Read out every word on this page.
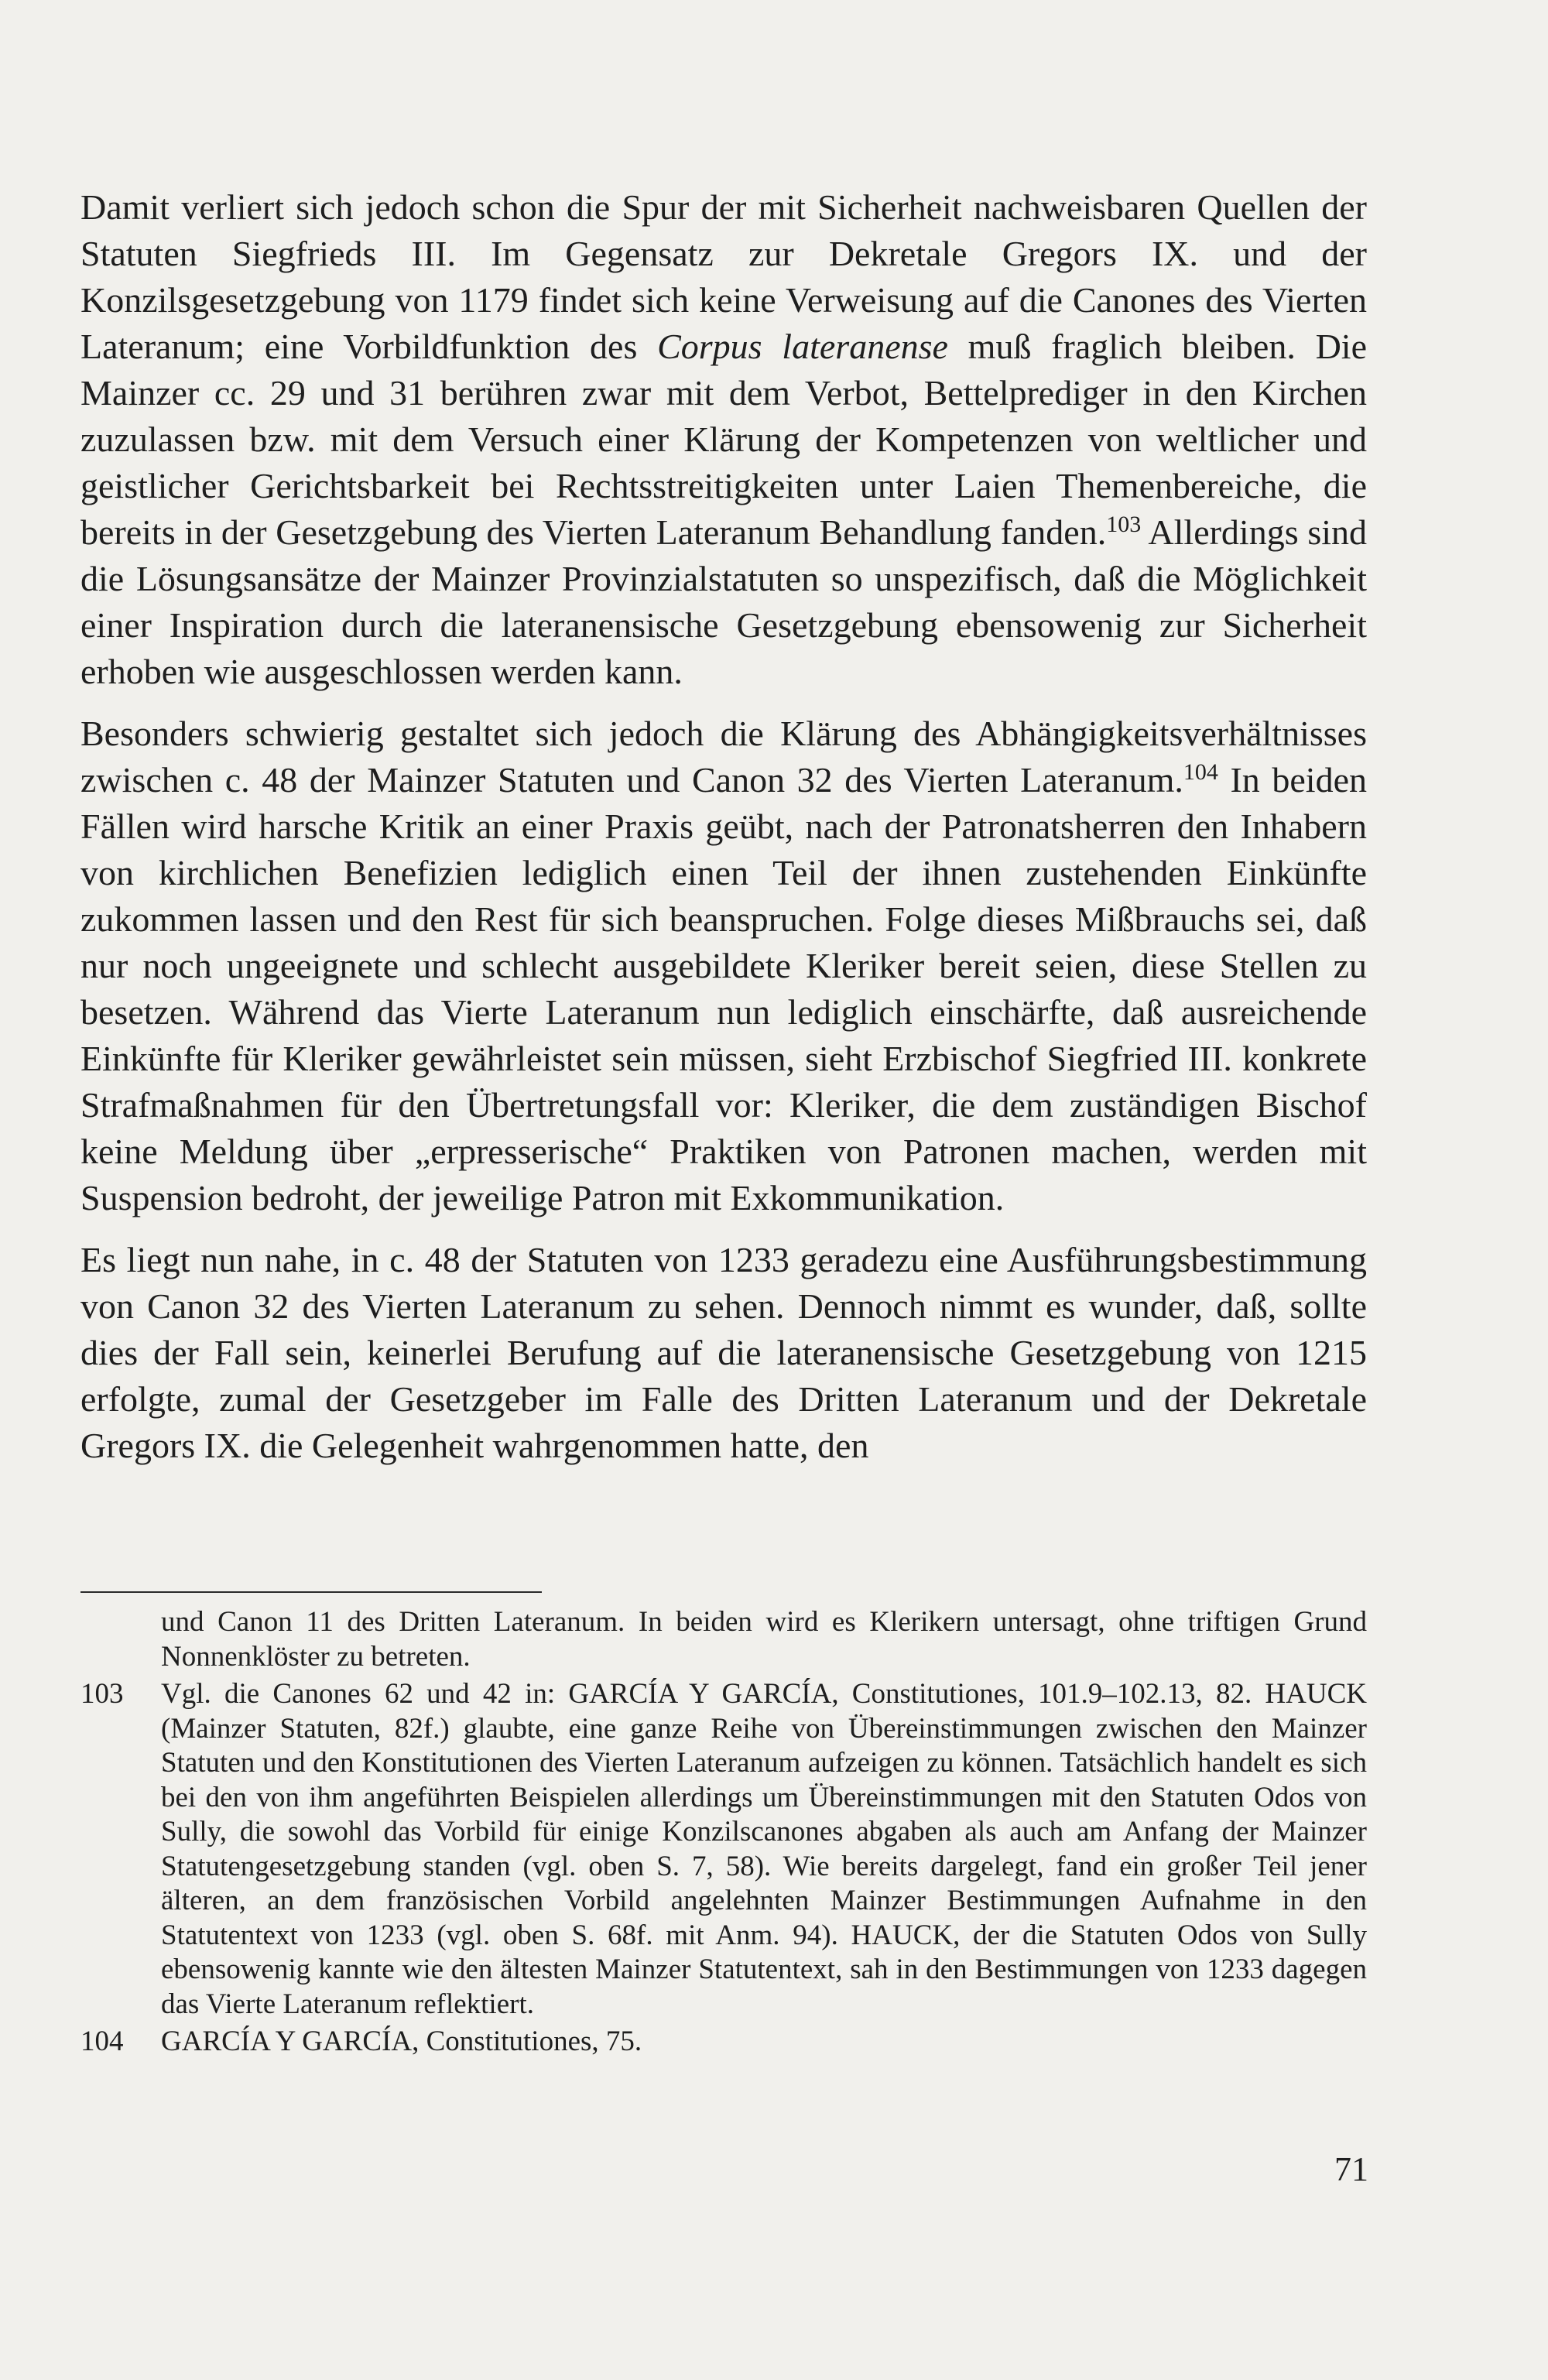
Damit verliert sich jedoch schon die Spur der mit Sicherheit nachweisbaren Quellen der Statuten Siegfrieds III. Im Gegensatz zur Dekretale Gregors IX. und der Konzilsgesetzgebung von 1179 findet sich keine Verweisung auf die Canones des Vierten Lateranum; eine Vorbildfunktion des Corpus lateranense muß fraglich bleiben. Die Mainzer cc. 29 und 31 berühren zwar mit dem Verbot, Bettelprediger in den Kirchen zuzulassen bzw. mit dem Versuch einer Klärung der Kompetenzen von weltlicher und geistlicher Gerichtsbarkeit bei Rechtsstreitigkeiten unter Laien Themenbereiche, die bereits in der Gesetzgebung des Vierten Lateranum Behandlung fanden.$^{103}$ Allerdings sind die Lösungsansätze der Mainzer Provinzialstatuten so unspezifisch, daß die Möglichkeit einer Inspiration durch die lateranensische Gesetzgebung ebensowenig zur Sicherheit erhoben wie ausgeschlossen werden kann.

Besonders schwierig gestaltet sich jedoch die Klärung des Abhängigkeitsverhältnisses zwischen c. 48 der Mainzer Statuten und Canon 32 des Vierten Lateranum.$^{104}$ In beiden Fällen wird harsche Kritik an einer Praxis geübt, nach der Patronatsherren den Inhabern von kirchlichen Benefizien lediglich einen Teil der ihnen zustehenden Einkünfte zukommen lassen und den Rest für sich beanspruchen. Folge dieses Mißbrauchs sei, daß nur noch ungeeignete und schlecht ausgebildete Kleriker bereit seien, diese Stellen zu besetzen. Während das Vierte Lateranum nun lediglich einschärfte, daß ausreichende Einkünfte für Kleriker gewährleistet sein müssen, sieht Erzbischof Siegfried III. konkrete Strafmaßnahmen für den Übertretungsfall vor: Kleriker, die dem zuständigen Bischof keine Meldung über „erpresserische“ Praktiken von Patronen machen, werden mit Suspension bedroht, der jeweilige Patron mit Exkommunikation.

Es liegt nun nahe, in c. 48 der Statuten von 1233 geradezu eine Ausführungsbestimmung von Canon 32 des Vierten Lateranum zu sehen. Dennoch nimmt es wunder, daß, sollte dies der Fall sein, keinerlei Berufung auf die lateranensische Gesetzgebung von 1215 erfolgte, zumal der Gesetzgeber im Falle des Dritten Lateranum und der Dekretale Gregors IX. die Gelegenheit wahrgenommen hatte, den

und Canon 11 des Dritten Lateranum. In beiden wird es Klerikern untersagt, ohne triftigen Grund Nonnenklöster zu betreten.
103 Vgl. die Canones 62 und 42 in: GARCÍA Y GARCÍA, Constitutiones, 101.9–102.13, 82. HAUCK (Mainzer Statuten, 82f.) glaubte, eine ganze Reihe von Übereinstimmungen zwischen den Mainzer Statuten und den Konstitutionen des Vierten Lateranum aufzeigen zu können. Tatsächlich handelt es sich bei den von ihm angeführten Beispielen allerdings um Übereinstimmungen mit den Statuten Odos von Sully, die sowohl das Vorbild für einige Konzilscanones abgaben als auch am Anfang der Mainzer Statutengesetzgebung standen (vgl. oben S. 7, 58). Wie bereits dargelegt, fand ein großer Teil jener älteren, an dem französischen Vorbild angelehnten Mainzer Bestimmungen Aufnahme in den Statutentext von 1233 (vgl. oben S. 68f. mit Anm. 94). HAUCK, der die Statuten Odos von Sully ebensowenig kannte wie den ältesten Mainzer Statutentext, sah in den Bestimmungen von 1233 dagegen das Vierte Lateranum reflektiert.
104 GARCÍA Y GARCÍA, Constitutiones, 75.
71
